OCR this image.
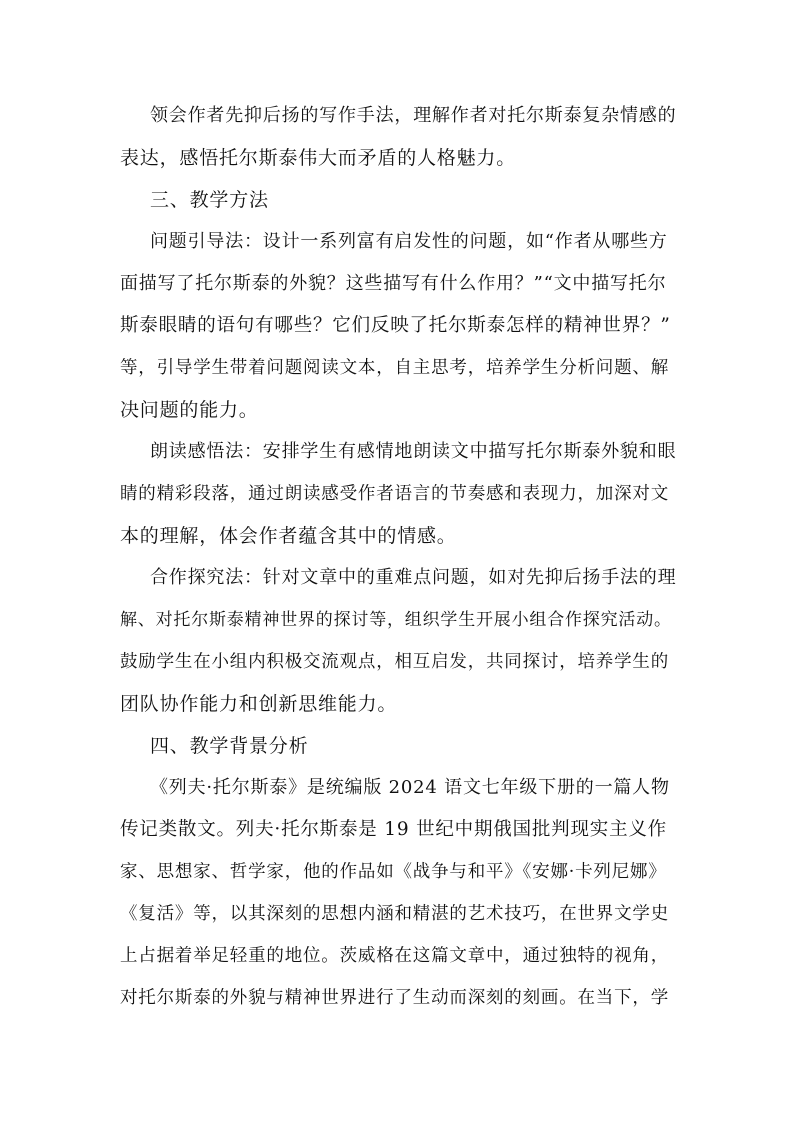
领会作者先抑后扬的写作手法，理解作者对托尔斯泰复杂情感的
表达，感悟托尔斯泰伟大而矛盾的人格魅力。
三、教学方法
问题引导法：设计一系列富有启发性的问题，如“作者从哪些方
面描写了托尔斯泰的外貌？这些描写有什么作用？”“文中描写托尔
斯泰眼睛的语句有哪些？它们反映了托尔斯泰怎样的精神世界？”
等，引导学生带着问题阅读文本，自主思考，培养学生分析问题、解
决问题的能力。
朗读感悟法：安排学生有感情地朗读文中描写托尔斯泰外貌和眼
睛的精彩段落，通过朗读感受作者语言的节奏感和表现力，加深对文
本的理解，体会作者蕴含其中的情感。
合作探究法：针对文章中的重难点问题，如对先抑后扬手法的理
解、对托尔斯泰精神世界的探讨等，组织学生开展小组合作探究活动。
鼓励学生在小组内积极交流观点，相互启发，共同探讨，培养学生的
团队协作能力和创新思维能力。
四、教学背景分析
《列夫·托尔斯泰》是统编版 2024 语文七年级下册的一篇人物
传记类散文。列夫·托尔斯泰是 19 世纪中期俄国批判现实主义作
家、思想家、哲学家，他的作品如《战争与和平》《安娜·卡列尼娜》
《复活》等，以其深刻的思想内涵和精湛的艺术技巧，在世界文学史
上占据着举足轻重的地位。茨威格在这篇文章中，通过独特的视角，
对托尔斯泰的外貌与精神世界进行了生动而深刻的刻画。在当下，学
